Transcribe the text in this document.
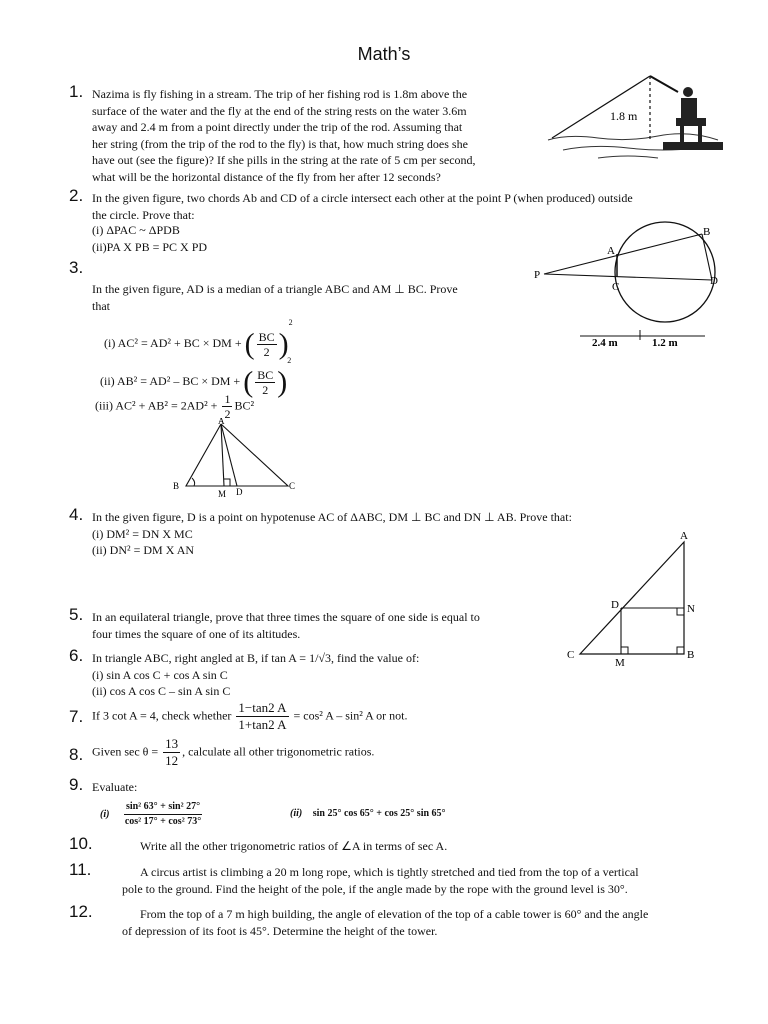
Math’s
1. Nazima is fly fishing in a stream. The trip of her fishing rod is 1.8m above the
surface of the water and the fly at the end of the string rests on the water 3.6m
away and 2.4 m from a point directly under the trip of the rod. Assuming that
her string (from the trip of the rod to the fly) is that, how much string does she
have out (see the figure)? If she pills in the string at the rate of 5 cm per second,
what will be the horizontal distance of the fly from her after 12 seconds?
1.8 m
2. In the given figure, two chords Ab and CD of a circle intersect each other at the point P (when produced) outside
the circle. Prove that:
(i) ΔPAC ~ ΔPDB
(ii)PA X PB = PC X PD
P
A
B
C	D
2.4 m	1.2 m
3.
In the given figure, AD is a median of a triangle ABC and AM ⊥ BC. Prove
that
(i) AC² = AD² + BC × DM + ( $\frac{BC}{2} )^2$
(ii) AB² = AD² – BC × DM + ( $\frac{BC}{2} )^2$
(iii) $AC^2 + AB^2 = 2AD^2 + \frac{1}{2} BC^2$
A
B
M D
C
4. In the given figure, D is a point on hypotenuse AC of ΔABC, DM ⊥ BC and DN ⊥ AB. Prove that:
(i) DM² = DN X MC
(ii) DN² = DM X AN
A
D	N
C
M
B
5. In an equilateral triangle, prove that three times the square of one side is equal to
four times the square of one of its altitudes.
6. In triangle ABC, right angled at B, if tan A = 1/√3, find the value of:
(i) sin A cos C + cos A sin C
(ii) cos A cos C – sin A sin C
7. If 3 cot A = 4, check whether $\frac{1-\tan 2 A}{1+\tan 2 A} = \cos^2$ A – sin² A or not.
8. Given $\sec \theta = \frac{13}{12}$ , calculate all other trigonometric ratios.
9. Evaluate:
$(i) \frac{\text{sin² 63° + sin² 27°}}{\text{cos² 17° + cos² 73°}}$	(ii) sin 25° cos 65° + cos 25° sin 65°
10.	Write all the other trigonometric ratios of ∠A in terms of sec A.
11.	A circus artist is climbing a 20 m long rope, which is tightly stretched and tied from the top of a vertical
pole to the ground. Find the height of the pole, if the angle made by the rope with the ground level is 30°.
12.	From the top of a 7 m high building, the angle of elevation of the top of a cable tower is 60° and the angle
of depression of its foot is 45°. Determine the height of the tower.
